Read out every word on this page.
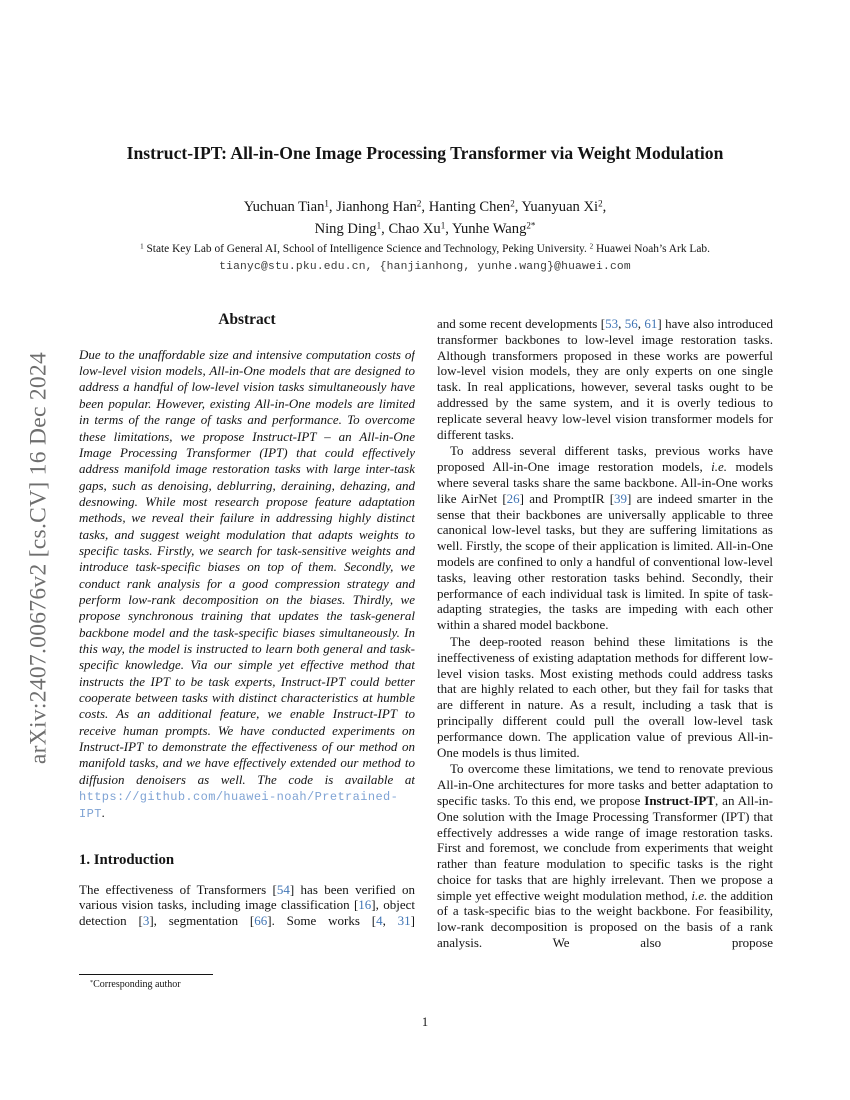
arXiv:2407.00676v2 [cs.CV] 16 Dec 2024
Instruct-IPT: All-in-One Image Processing Transformer via Weight Modulation
Yuchuan Tian$^1$, Jianhong Han$^2$, Hanting Chen$^2$, Yuanyuan Xi$^2$,
Ning Ding$^1$, Chao Xu$^1$, Yunhe Wang$^{2*}$
$^1$ State Key Lab of General AI, School of Intelligence Science and Technology, Peking University. $^2$ Huawei Noah’s Ark Lab.
tianyc@stu.pku.edu.cn, {hanjianhong, yunhe.wang}@huawei.com
Abstract

Due to the unaffordable size and intensive computation costs of low-level vision models, All-in-One models that are designed to address a handful of low-level vision tasks simultaneously have been popular. However, existing All-in-One models are limited in terms of the range of tasks and performance. To overcome these limitations, we propose Instruct-IPT – an All-in-One Image Processing Transformer (IPT) that could effectively address manifold image restoration tasks with large inter-task gaps, such as denoising, deblurring, deraining, dehazing, and desnowing. While most research propose feature adaptation methods, we reveal their failure in addressing highly distinct tasks, and suggest weight modulation that adapts weights to specific tasks. Firstly, we search for task-sensitive weights and introduce task-specific biases on top of them. Secondly, we conduct rank analysis for a good compression strategy and perform low-rank decomposition on the biases. Thirdly, we propose synchronous training that updates the task-general backbone model and the task-specific biases simultaneously. In this way, the model is instructed to learn both general and task-specific knowledge. Via our simple yet effective method that instructs the IPT to be task experts, Instruct-IPT could better cooperate between tasks with distinct characteristics at humble costs. As an additional feature, we enable Instruct-IPT to receive human prompts. We have conducted experiments on Instruct-IPT to demonstrate the effectiveness of our method on manifold tasks, and we have effectively extended our method to diffusion denoisers as well. The code is available at https://github.com/huawei-noah/Pretrained-IPT.

1. Introduction

The effectiveness of Transformers [54] has been verified on various vision tasks, including image classification [16], object detection [3], segmentation [66]. Some works [4, 31]

and some recent developments [53, 56, 61] have also introduced transformer backbones to low-level image restoration tasks. Although transformers proposed in these works are powerful low-level vision models, they are only experts on one single task. In real applications, however, several tasks ought to be addressed by the same system, and it is overly tedious to replicate several heavy low-level vision transformer models for different tasks.

To address several different tasks, previous works have proposed All-in-One image restoration models, i.e. models where several tasks share the same backbone. All-in-One works like AirNet [26] and PromptIR [39] are indeed smarter in the sense that their backbones are universally applicable to three canonical low-level tasks, but they are suffering limitations as well. Firstly, the scope of their application is limited. All-in-One models are confined to only a handful of conventional low-level tasks, leaving other restoration tasks behind. Secondly, their performance of each individual task is limited. In spite of task-adapting strategies, the tasks are impeding with each other within a shared model backbone.

The deep-rooted reason behind these limitations is the ineffectiveness of existing adaptation methods for different low-level vision tasks. Most existing methods could address tasks that are highly related to each other, but they fail for tasks that are different in nature. As a result, including a task that is principally different could pull the overall low-level task performance down. The application value of previous All-in-One models is thus limited.

To overcome these limitations, we tend to renovate previous All-in-One architectures for more tasks and better adaptation to specific tasks. To this end, we propose Instruct-IPT, an All-in-One solution with the Image Processing Transformer (IPT) that effectively addresses a wide range of image restoration tasks. First and foremost, we conclude from experiments that weight rather than feature modulation to specific tasks is the right choice for tasks that are highly irrelevant. Then we propose a simple yet effective weight modulation method, i.e. the addition of a task-specific bias to the weight backbone. For feasibility, low-rank decomposition is proposed on the basis of a rank analysis. We also propose

*Corresponding author
1
